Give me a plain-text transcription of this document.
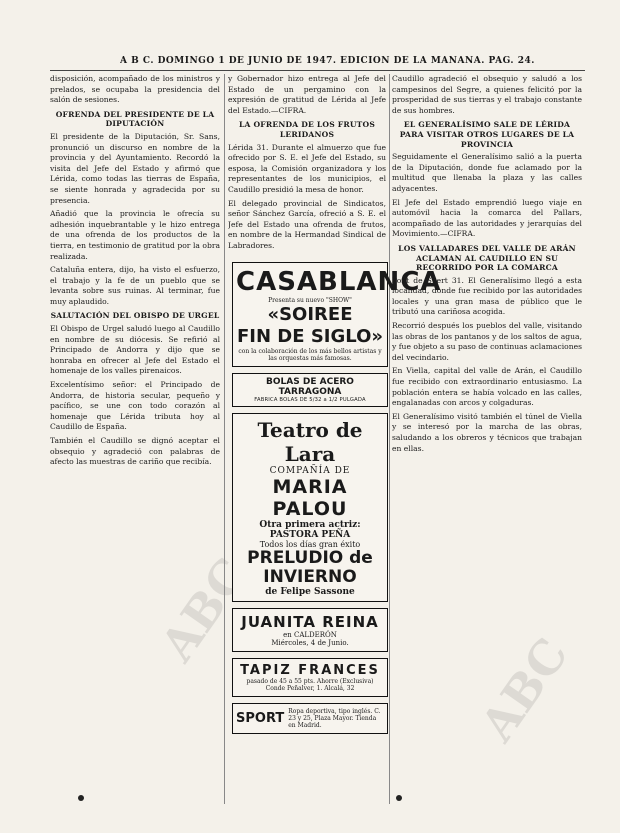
ABC
ABC
A B C. DOMINGO 1 DE JUNIO DE 1947. EDICION DE LA MAÑANA. PAG. 24.

disposición, acompañado de los ministros y prelados, se ocupaba la presidencia del salón de sesiones.

OFRENDA DEL PRESIDENTE DE LA DIPUTACIÓN

El presidente de la Diputación, Sr. Sans, pronunció un discurso en nombre de la provincia y del Ayuntamiento. Recordó la visita del Jefe del Estado y afirmó que Lérida, como todas las tierras de España, se siente honrada y agradecida por su presencia.

Añadió que la provincia le ofrecía su adhesión inquebrantable y le hizo entrega de una ofrenda de los productos de la tierra, en testimonio de gratitud por la obra realizada.

Cataluña entera, dijo, ha visto el esfuerzo, el trabajo y la fe de un pueblo que se levanta sobre sus ruinas. Al terminar, fue muy aplaudido.

SALUTACIÓN DEL OBISPO DE URGEL

El Obispo de Urgel saludó luego al Caudillo en nombre de su diócesis. Se refirió al Principado de Andorra y dijo que se honraba en ofrecer al Jefe del Estado el homenaje de los valles pirenaicos.

Excelentísimo señor: el Principado de Andorra, de historia secular, pequeño y pacífico, se une con todo corazón al homenaje que Lérida tributa hoy al Caudillo de España.

También el Caudillo se dignó aceptar el obsequio y agradeció con palabras de afecto las muestras de cariño que recibía.

y Gobernador hizo entrega al Jefe del Estado de un pergamino con la expresión de gratitud de Lérida al Jefe del Estado.—CIFRA.

LA OFRENDA DE LOS FRUTOS LERIDANOS

Lérida 31. Durante el almuerzo que fue ofrecido por S. E. el Jefe del Estado, su esposa, la Comisión organizadora y los representantes de los municipios, el Caudillo presidió la mesa de honor.

El delegado provincial de Sindicatos, señor Sánchez García, ofreció a S. E. el Jefe del Estado una ofrenda de frutos, en nombre de la Hermandad Sindical de Labradores.

CASABLANCA
Presenta su nuevo "SHOW"
«SOIREE
FIN DE SIGLO»
con la colaboración de los más bellos artistas y las orquestas más famosas.
BOLAS DE ACERO TARRAGONA
FABRICA BOLAS DE 5/32 a 1/2 PULGADA
Teatro de Lara
COMPAÑÍA DE
MARIA PALOU
Otra primera actriz:
PASTORA PEÑA
Todos los días gran éxito
PRELUDIO de INVIERNO
de Felipe Sassone
JUANITA REINA
en CALDERÓN
Miércoles, 4 de Junio.
TAPIZ FRANCES
pasado de 45 a 55 pts. Ahorre (Exclusiva) Conde Peñalver, 1. Alcalá, 32
SPORT Ropa deportiva, tipo inglés. C. 23 y 25, Plaza Mayor. Tienda en Madrid.

Caudillo agradeció el obsequio y saludó a los campesinos del Segre, a quienes felicitó por la prosperidad de sus tierras y el trabajo constante de sus hombres.

EL GENERALÍSIMO SALE DE LÉRIDA PARA VISITAR OTROS LUGARES DE LA PROVINCIA

Seguidamente el Generalísimo salió a la puerta de la Diputación, donde fue aclamado por la multitud que llenaba la plaza y las calles adyacentes.

El Jefe del Estado emprendió luego viaje en automóvil hacia la comarca del Pallars, acompañado de las autoridades y jerarquías del Movimiento.—CIFRA.

LOS VALLADARES DEL VALLE DE ARÁN ACLAMAN AL CAUDILLO EN SU RECORRIDO POR LA COMARCA

Pont de Suert 31. El Generalísimo llegó a esta localidad, donde fue recibido por las autoridades locales y una gran masa de público que le tributó una cariñosa acogida.

Recorrió después los pueblos del valle, visitando las obras de los pantanos y de los saltos de agua, y fue objeto a su paso de continuas aclamaciones del vecindario.

En Viella, capital del valle de Arán, el Caudillo fue recibido con extraordinario entusiasmo. La población entera se había volcado en las calles, engalanadas con arcos y colgaduras.

El Generalísimo visitó también el túnel de Viella y se interesó por la marcha de las obras, saludando a los obreros y técnicos que trabajan en ellas.
